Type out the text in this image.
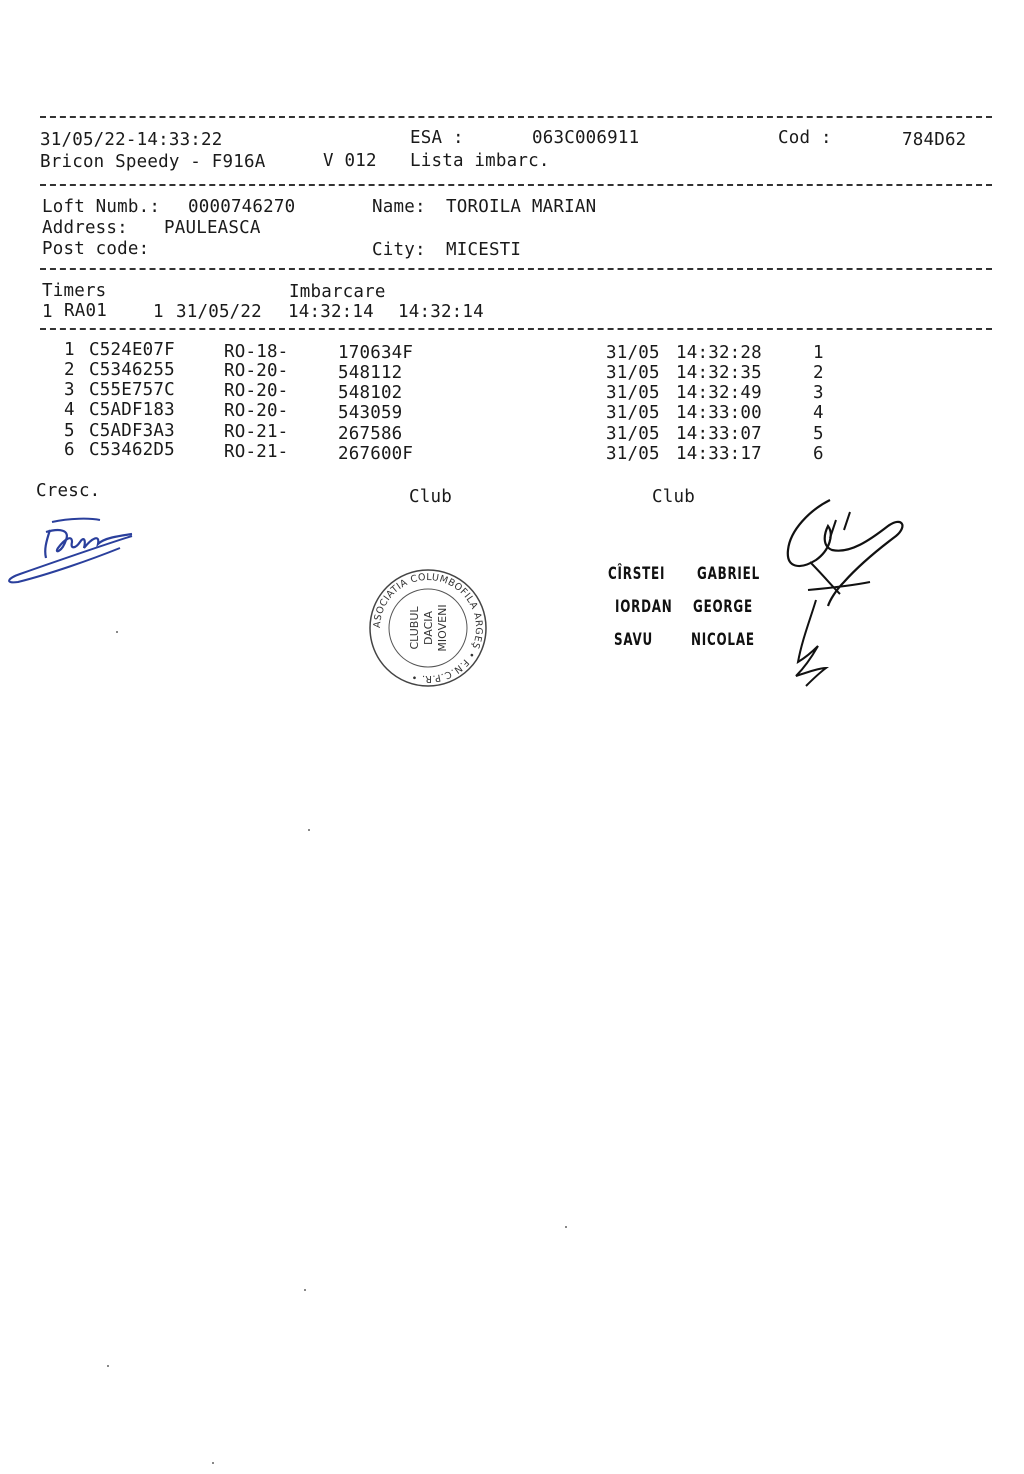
31/05/22-14:33:22	ESA :	063C006911	Cod :	784D62
Bricon Speedy - F916A	V 012 Lista imbarc.
Loft Numb.: 0000746270	Name: TOROILA MARIAN
Address: PAULEASCA
Post code:	City: MICESTI
Timers	Imbarcare
1 RA01	1 31/05/22 14:32:14 14:32:14
1 C524E07F	RO-18-	170634F	31/05 14:32:28	1
2 C5346255	RO-20-	548112	31/05 14:32:35	2
3 C55E757C	RO-20-	548102	31/05 14:32:49	3
4 C5ADF183	RO-20-	543059	31/05 14:33:00	4
5 C5ADF3A3	RO-21-	267586	31/05 14:33:07	5
6 C53462D5	RO-21-	267600F	31/05 14:33:17	6
Cresc.	Club	Club
ASOCIATIA COLUMBOFILA ARGEŞ • F.N.C.P.R. •
CLUBUL DACIA MIOVENI
CÎRSTEI GABRIEL
IORDAN GEORGE
SAVU NICOLAE
